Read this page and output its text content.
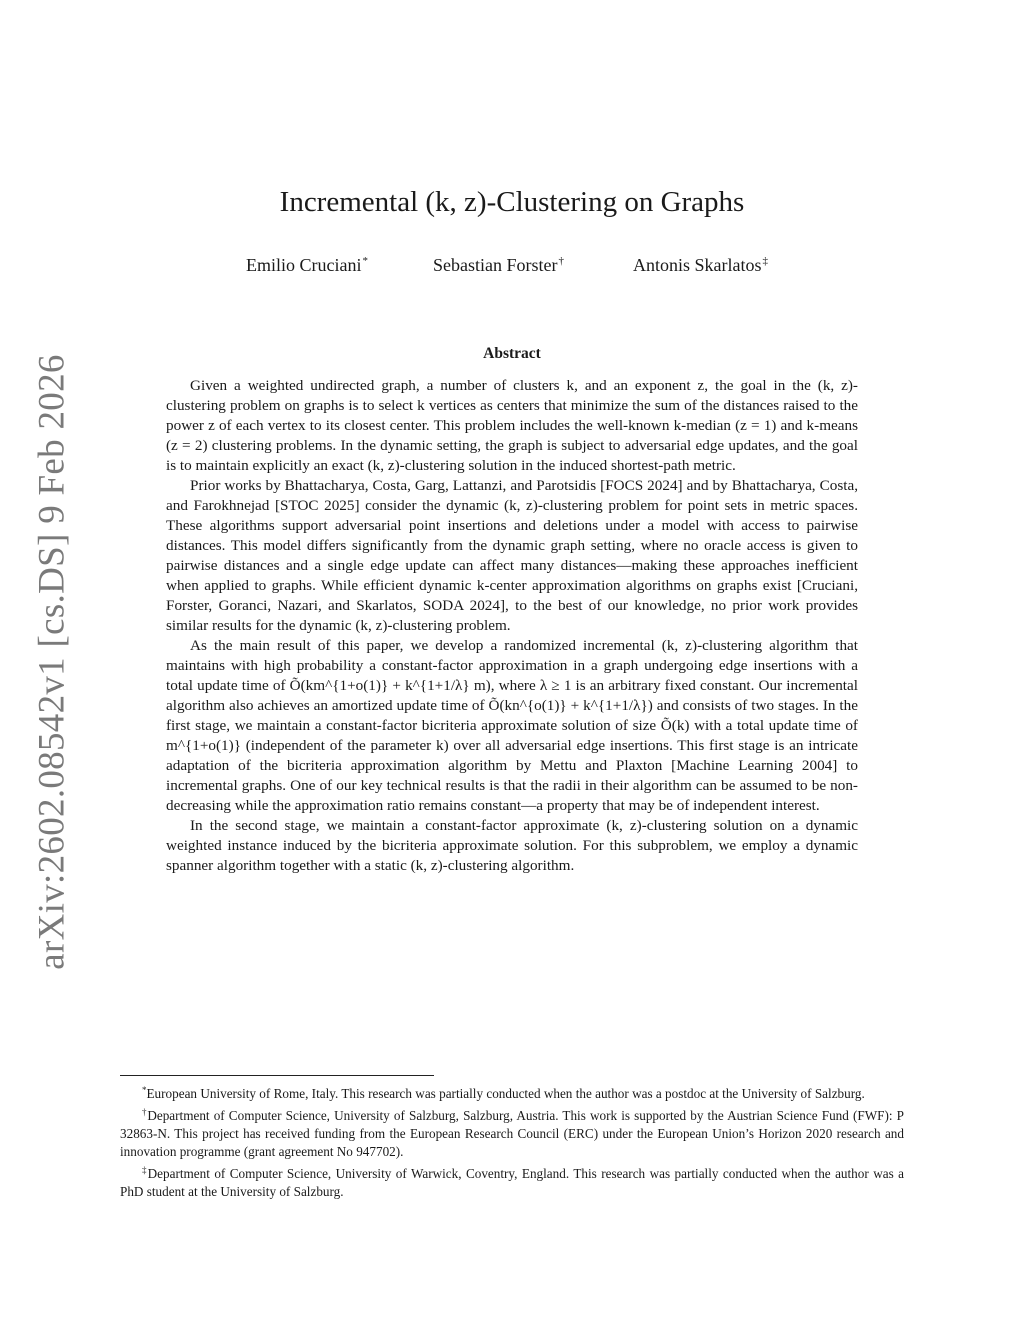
arXiv:2602.08542v1 [cs.DS] 9 Feb 2026
Incremental (k, z)-Clustering on Graphs
Emilio Cruciani*	Sebastian Forster†	Antonis Skarlatos‡
Abstract

Given a weighted undirected graph, a number of clusters k, and an exponent z, the goal in the (k, z)-clustering problem on graphs is to select k vertices as centers that minimize the sum of the distances raised to the power z of each vertex to its closest center. This problem includes the well-known k-median (z = 1) and k-means (z = 2) clustering problems. In the dynamic setting, the graph is subject to adversarial edge updates, and the goal is to maintain explicitly an exact (k, z)-clustering solution in the induced shortest-path metric.

Prior works by Bhattacharya, Costa, Garg, Lattanzi, and Parotsidis [FOCS 2024] and by Bhattacharya, Costa, and Farokhnejad [STOC 2025] consider the dynamic (k, z)-clustering problem for point sets in metric spaces. These algorithms support adversarial point insertions and deletions under a model with access to pairwise distances. This model differs significantly from the dynamic graph setting, where no oracle access is given to pairwise distances and a single edge update can affect many distances—making these approaches inefficient when applied to graphs. While efficient dynamic k-center approximation algorithms on graphs exist [Cruciani, Forster, Goranci, Nazari, and Skarlatos, SODA 2024], to the best of our knowledge, no prior work provides similar results for the dynamic (k, z)-clustering problem.

As the main result of this paper, we develop a randomized incremental (k, z)-clustering algorithm that maintains with high probability a constant-factor approximation in a graph undergoing edge insertions with a total update time of Õ(km^{1+o(1)} + k^{1+1/λ} m), where λ ≥ 1 is an arbitrary fixed constant. Our incremental algorithm also achieves an amortized update time of Õ(kn^{o(1)} + k^{1+1/λ}) and consists of two stages. In the first stage, we maintain a constant-factor bicriteria approximate solution of size Õ(k) with a total update time of m^{1+o(1)} (independent of the parameter k) over all adversarial edge insertions. This first stage is an intricate adaptation of the bicriteria approximation algorithm by Mettu and Plaxton [Machine Learning 2004] to incremental graphs. One of our key technical results is that the radii in their algorithm can be assumed to be non-decreasing while the approximation ratio remains constant—a property that may be of independent interest.

In the second stage, we maintain a constant-factor approximate (k, z)-clustering solution on a dynamic weighted instance induced by the bicriteria approximate solution. For this subproblem, we employ a dynamic spanner algorithm together with a static (k, z)-clustering algorithm.

*European University of Rome, Italy. This research was partially conducted when the author was a postdoc at the University of Salzburg.

†Department of Computer Science, University of Salzburg, Salzburg, Austria. This work is supported by the Austrian Science Fund (FWF): P 32863-N. This project has received funding from the European Research Council (ERC) under the European Union’s Horizon 2020 research and innovation programme (grant agreement No 947702).

‡Department of Computer Science, University of Warwick, Coventry, England. This research was partially conducted when the author was a PhD student at the University of Salzburg.
